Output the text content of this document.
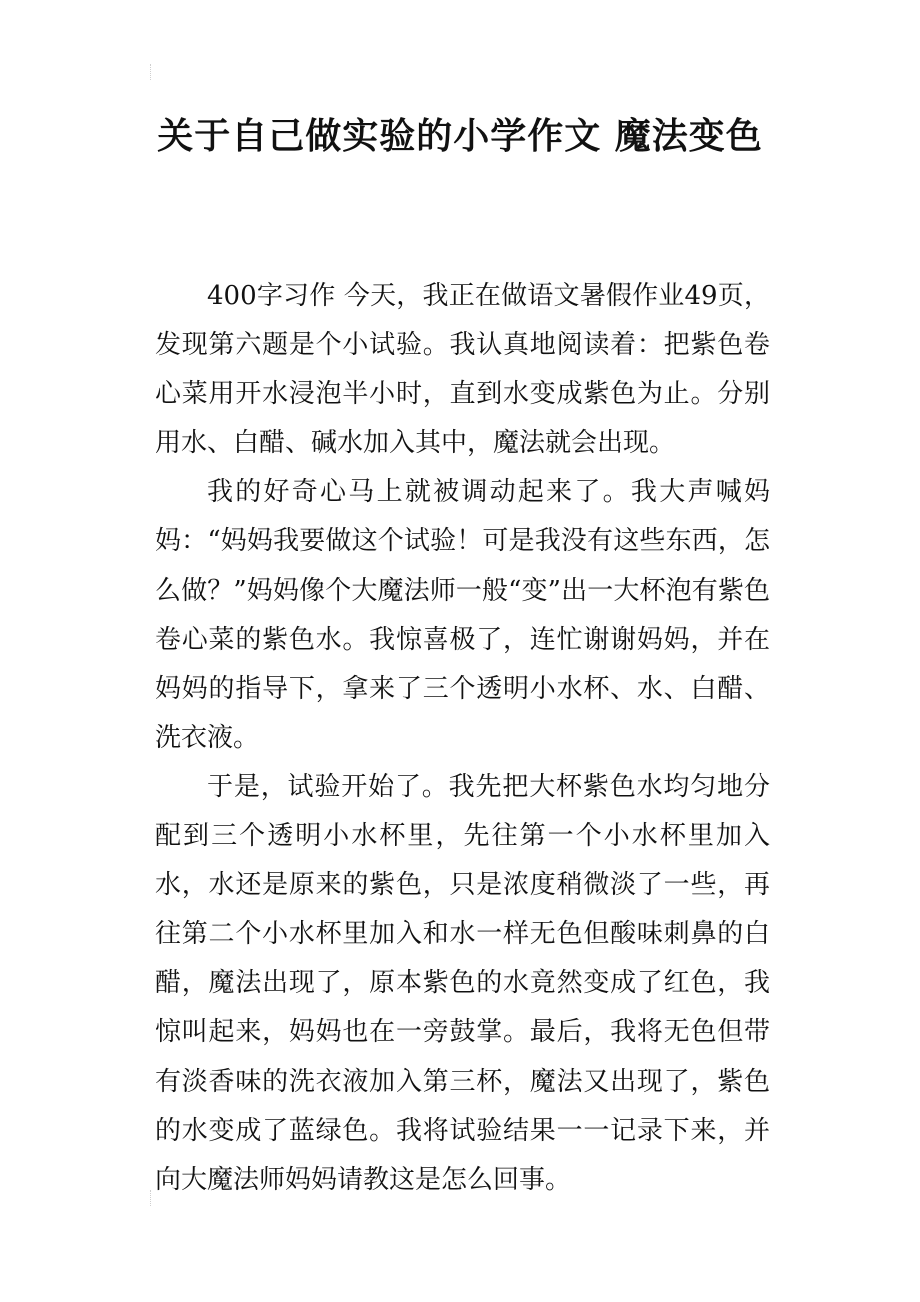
关于自己做实验的小学作文 魔法变色

400字习作 今天，我正在做语文暑假作业49页，发现第六题是个小试验。我认真地阅读着：把紫色卷心菜用开水浸泡半小时，直到水变成紫色为止。分别用水、白醋、碱水加入其中，魔法就会出现。

我的好奇心马上就被调动起来了。我大声喊妈妈：“妈妈我要做这个试验！可是我没有这些东西，怎么做？”妈妈像个大魔法师一般“变”出一大杯泡有紫色卷心菜的紫色水。我惊喜极了，连忙谢谢妈妈，并在妈妈的指导下，拿来了三个透明小水杯、水、白醋、洗衣液。

于是，试验开始了。我先把大杯紫色水均匀地分配到三个透明小水杯里，先往第一个小水杯里加入水，水还是原来的紫色，只是浓度稍微淡了一些，再往第二个小水杯里加入和水一样无色但酸味刺鼻的白醋，魔法出现了，原本紫色的水竟然变成了红色，我惊叫起来，妈妈也在一旁鼓掌。最后，我将无色但带有淡香味的洗衣液加入第三杯，魔法又出现了，紫色的水变成了蓝绿色。我将试验结果一一记录下来，并向大魔法师妈妈请教这是怎么回事。
